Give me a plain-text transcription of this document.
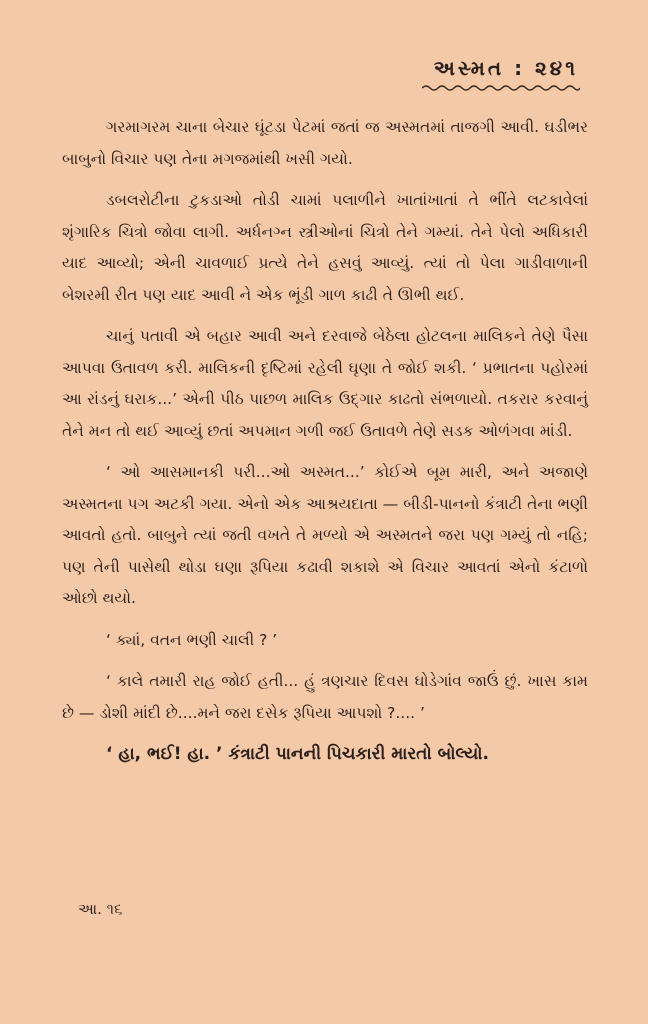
અસ્મત : ૨૪૧

ગરમાગરમ ચાના બેચાર ઘૂંટડા પેટમાં જતાં જ અસ્મતમાં તાજગી આવી. ઘડીભર બાબુનો વિચાર પણ તેના મગજમાંથી ખસી ગયો.

ડબલરોટીના ટુકડાઓ તોડી ચામાં પલાળીને ખાતાંખાતાં તે ભીંતે લટકાવેલાં શૃંગારિક ચિત્રો જોવા લાગી. અર્ધનગ્ન સ્ત્રીઓનાં ચિત્રો તેને ગમ્યાં. તેને પેલો અધિકારી યાદ આવ્યો; એની ચાવળાઈ પ્રત્યે તેને હસવું આવ્યું. ત્યાં તો પેલા ગાડીવાળાની બેશરમી રીત પણ યાદ આવી ને એક ભૂંડી ગાળ કાઢી તે ઊભી થઈ.

ચાનું પતાવી એ બહાર આવી અને દરવાજે બેઠેલા હોટલના માલિકને તેણે પૈસા આપવા ઉતાવળ કરી. માલિકની દૃષ્ટિમાં રહેલી ઘૃણા તે જોઈ શકી. ‘ પ્રભાતના પહોરમાં આ રાંડનું ઘરાક...’ એની પીઠ પાછળ માલિક ઉદ્ગાર કાઢતો સંભળાયો. તકરાર કરવાનું તેને મન તો થઈ આવ્યું છતાં અપમાન ગળી જઈ ઉતાવળે તેણે સડક ઓળંગવા માંડી.

‘ ઓ આસમાનકી પરી...ઓ અસ્મત...’ કોઈએ બૂમ મારી, અને અજાણે અસ્મતના પગ અટકી ગયા. એનો એક આશ્રયદાતા — બીડી-પાનનો કંત્રાટી તેના ભણી આવતો હતો. બાબુને ત્યાં જતી વખતે તે મળ્યો એ અસ્મતને જરા પણ ગમ્યું તો નહિ; પણ તેની પાસેથી થોડા ઘણા રૂપિયા કઢાવી શકાશે એ વિચાર આવતાં એનો કંટાળો ઓછો થયો.

‘ ક્યાં, વતન ભણી ચાલી ? ’

‘ કાલે તમારી રાહ જોઈ હતી... હું ત્રણચાર દિવસ ઘોડેગાંવ જાઉં છું. ખાસ કામ છે — ડોશી માંદી છે....મને જરા દસેક રૂપિયા આપશો ?.... ’

‘ હા, ભઈ! હા. ’ કંત્રાટી પાનની પિચકારી મારતો બોલ્યો.

આ. ૧૬
